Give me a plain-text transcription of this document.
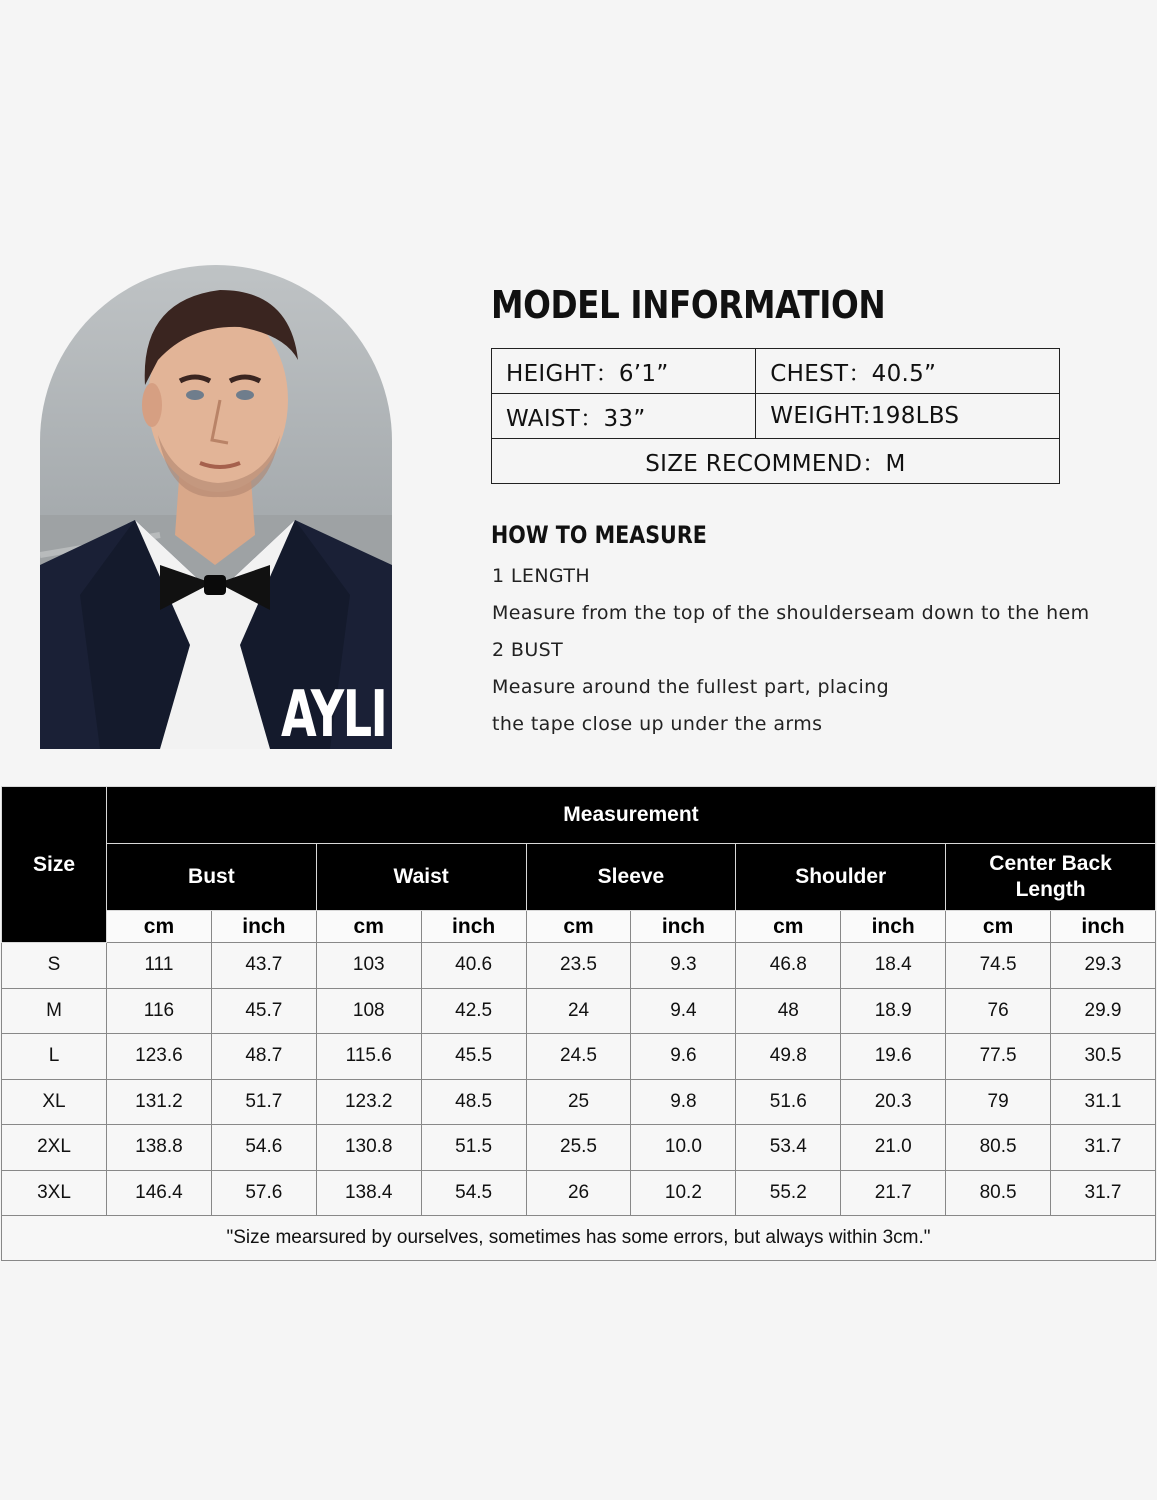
AYLI
MODEL INFORMATION
HEIGHT：6’1”	CHEST：40.5”
WAIST：33”	WEIGHT:198LBS
SIZE RECOMMEND：M	
HOW TO MEASURE
1 LENGTH
Measure from the top of the shoulderseam down to the hem
2 BUST
Measure around the fullest part, placing
the tape close up under the arms
Size	Measurement									
	Bust		Waist		Sleeve		Shoulder		Center Back Length	
	cm	inch	cm	inch	cm	inch	cm	inch	cm	inch
S	111	43.7	103	40.6	23.5	9.3	46.8	18.4	74.5	29.3
M	116	45.7	108	42.5	24	9.4	48	18.9	76	29.9
L	123.6	48.7	115.6	45.5	24.5	9.6	49.8	19.6	77.5	30.5
XL	131.2	51.7	123.2	48.5	25	9.8	51.6	20.3	79	31.1
2XL	138.8	54.6	130.8	51.5	25.5	10.0	53.4	21.0	80.5	31.7
3XL	146.4	57.6	138.4	54.5	26	10.2	55.2	21.7	80.5	31.7
"Size mearsured by ourselves, sometimes has some errors, but always within 3cm."										
